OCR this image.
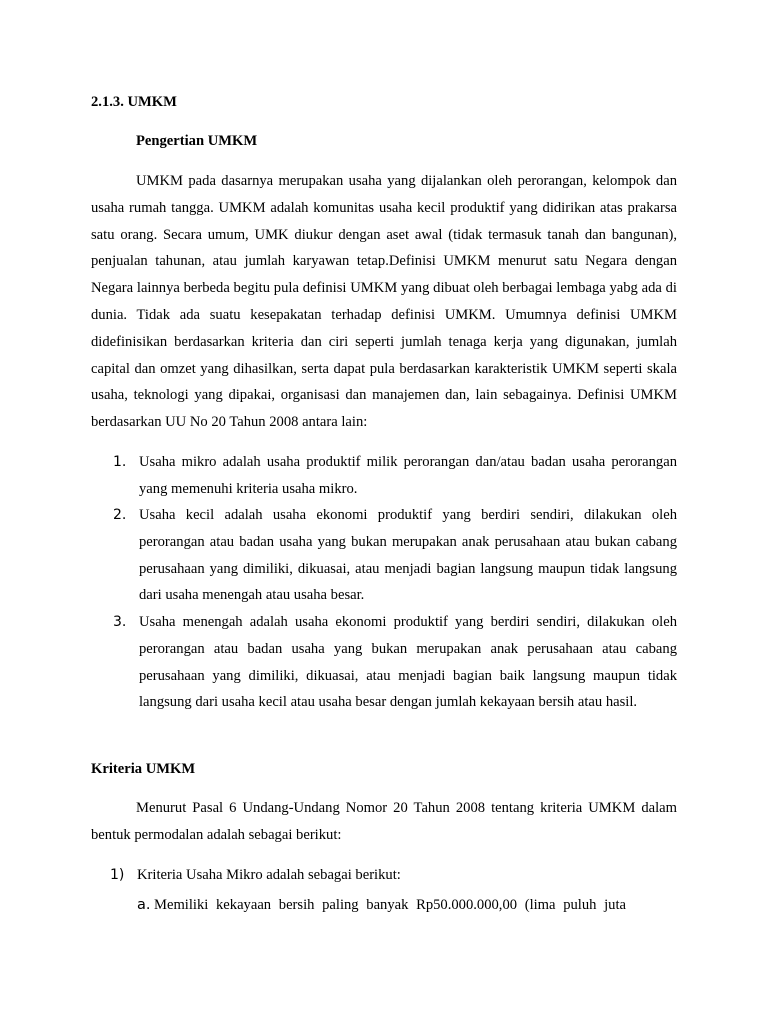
2.1.3. UMKM

Pengertian UMKM

UMKM pada dasarnya merupakan usaha yang dijalankan oleh perorangan, kelompok dan usaha rumah tangga. UMKM adalah komunitas usaha kecil produktif yang didirikan atas prakarsa satu orang. Secara umum, UMK diukur dengan aset awal (tidak termasuk tanah dan bangunan), penjualan tahunan, atau jumlah karyawan tetap.Definisi UMKM menurut satu Negara dengan Negara lainnya berbeda begitu pula definisi UMKM yang dibuat oleh berbagai lembaga yabg ada di dunia. Tidak ada suatu kesepakatan terhadap definisi UMKM. Umumnya definisi UMKM didefinisikan berdasarkan kriteria dan ciri seperti jumlah tenaga kerja yang digunakan, jumlah capital dan omzet yang dihasilkan, serta dapat pula berdasarkan karakteristik UMKM seperti skala usaha, teknologi yang dipakai, organisasi dan manajemen dan, lain sebagainya. Definisi UMKM berdasarkan UU No 20 Tahun 2008 antara lain:

1. Usaha mikro adalah usaha produktif milik perorangan dan/atau badan usaha perorangan yang memenuhi kriteria usaha mikro.
2. Usaha kecil adalah usaha ekonomi produktif yang berdiri sendiri, dilakukan oleh perorangan atau badan usaha yang bukan merupakan anak perusahaan atau bukan cabang perusahaan yang dimiliki, dikuasai, atau menjadi bagian langsung maupun tidak langsung dari usaha menengah atau usaha besar.
3. Usaha menengah adalah usaha ekonomi produktif yang berdiri sendiri, dilakukan oleh perorangan atau badan usaha yang bukan merupakan anak perusahaan atau cabang perusahaan yang dimiliki, dikuasai, atau menjadi bagian baik langsung maupun tidak langsung dari usaha kecil atau usaha besar dengan jumlah kekayaan bersih atau hasil.

Kriteria UMKM

Menurut Pasal 6 Undang-Undang Nomor 20 Tahun 2008 tentang kriteria UMKM dalam bentuk permodalan adalah sebagai berikut:

1) Kriteria Usaha Mikro adalah sebagai berikut:
a. Memiliki kekayaan bersih paling banyak Rp50.000.000,00 (lima puluh juta
